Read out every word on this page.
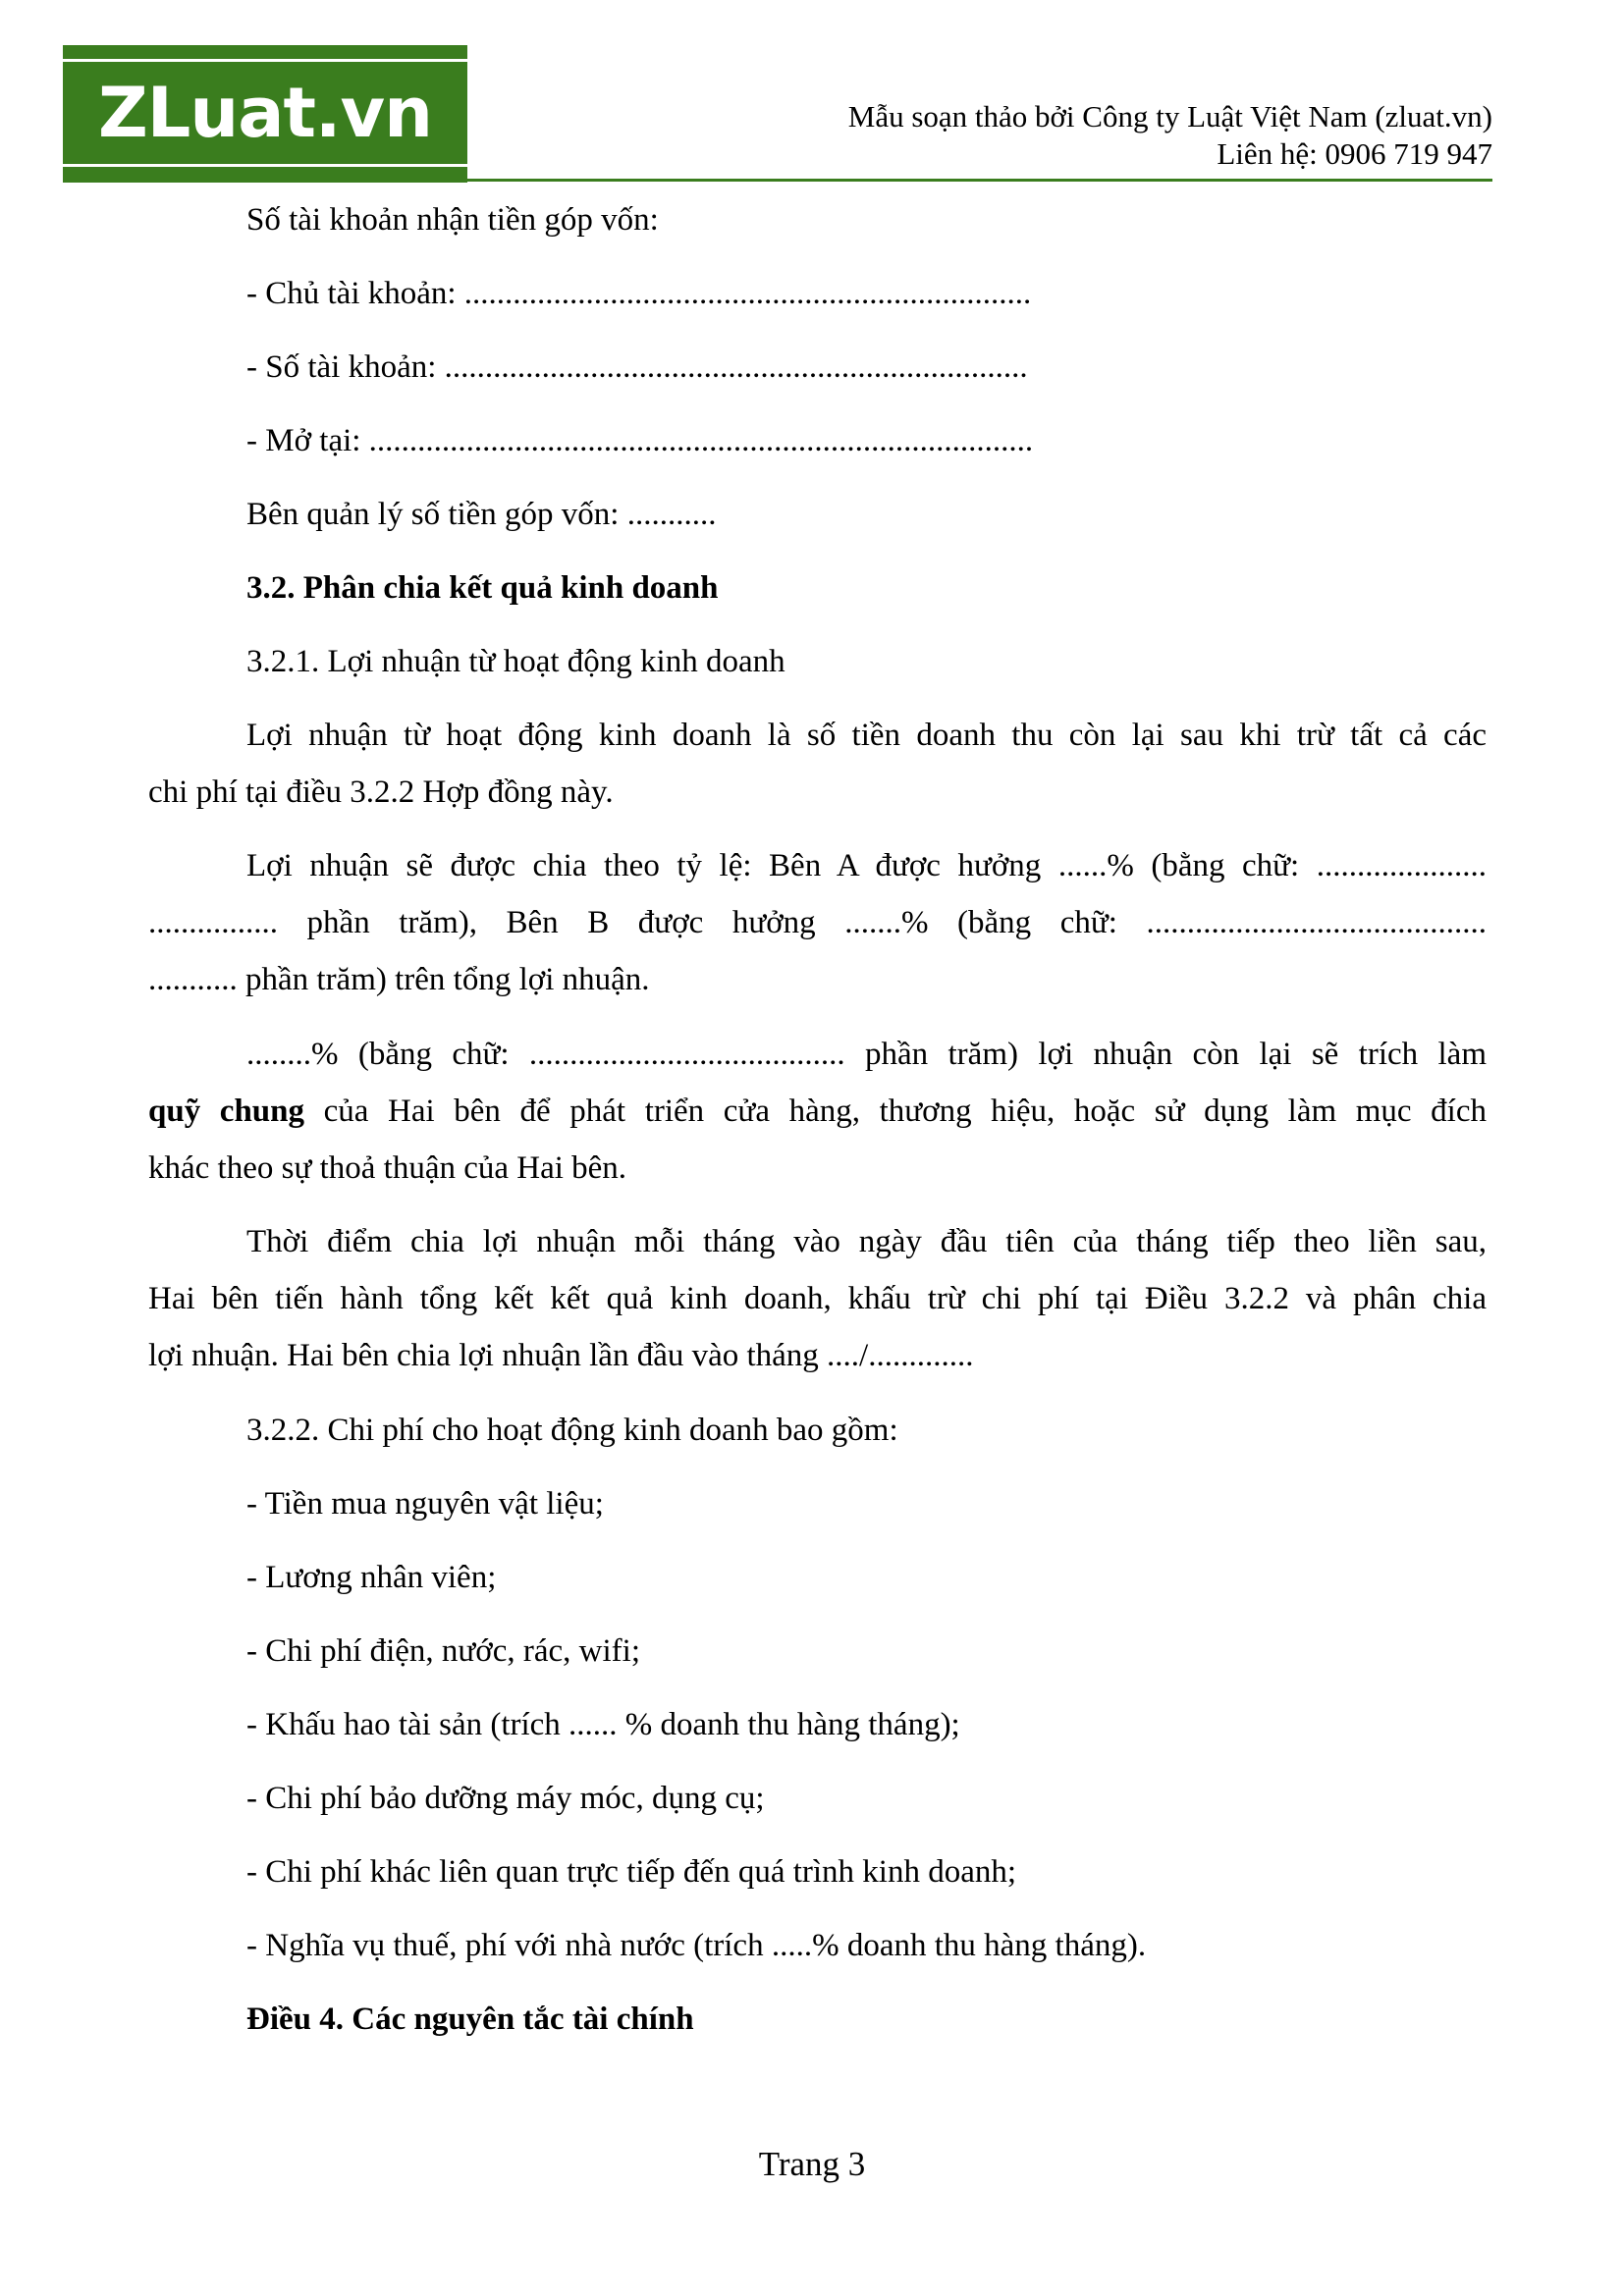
ZLuat.vn	Mẫu soạn thảo bởi Công ty Luật Việt Nam (zluat.vn)
Liên hệ: 0906 719 947
Số tài khoản nhận tiền góp vốn:
- Chủ tài khoản: ......................................................................
- Số tài khoản: ........................................................................
- Mở tại: ..................................................................................
Bên quản lý số tiền góp vốn: ...........
3.2. Phân chia kết quả kinh doanh
3.2.1. Lợi nhuận từ hoạt động kinh doanh
Lợi nhuận từ hoạt động kinh doanh là số tiền doanh thu còn lại sau khi trừ tất cả các
chi phí tại điều 3.2.2 Hợp đồng này.
Lợi nhuận sẽ được chia theo tỷ lệ: Bên A được hưởng ......% (bằng chữ: .....................
................ phần trăm), Bên B được hưởng .......% (bằng chữ: ..........................................
........... phần trăm) trên tổng lợi nhuận.
........% (bằng chữ: ....................................... phần trăm) lợi nhuận còn lại sẽ trích làm
quỹ chung của Hai bên để phát triển cửa hàng, thương hiệu, hoặc sử dụng làm mục đích
khác theo sự thoả thuận của Hai bên.
Thời điểm chia lợi nhuận mỗi tháng vào ngày đầu tiên của tháng tiếp theo liền sau,
Hai bên tiến hành tổng kết kết quả kinh doanh, khấu trừ chi phí tại Điều 3.2.2 và phân chia
lợi nhuận. Hai bên chia lợi nhuận lần đầu vào tháng ..../.............
3.2.2. Chi phí cho hoạt động kinh doanh bao gồm:
- Tiền mua nguyên vật liệu;
- Lương nhân viên;
- Chi phí điện, nước, rác, wifi;
- Khấu hao tài sản (trích ...... % doanh thu hàng tháng);
- Chi phí bảo dưỡng máy móc, dụng cụ;
- Chi phí khác liên quan trực tiếp đến quá trình kinh doanh;
- Nghĩa vụ thuế, phí với nhà nước (trích .....% doanh thu hàng tháng).
Điều 4. Các nguyên tắc tài chính
Trang 3
